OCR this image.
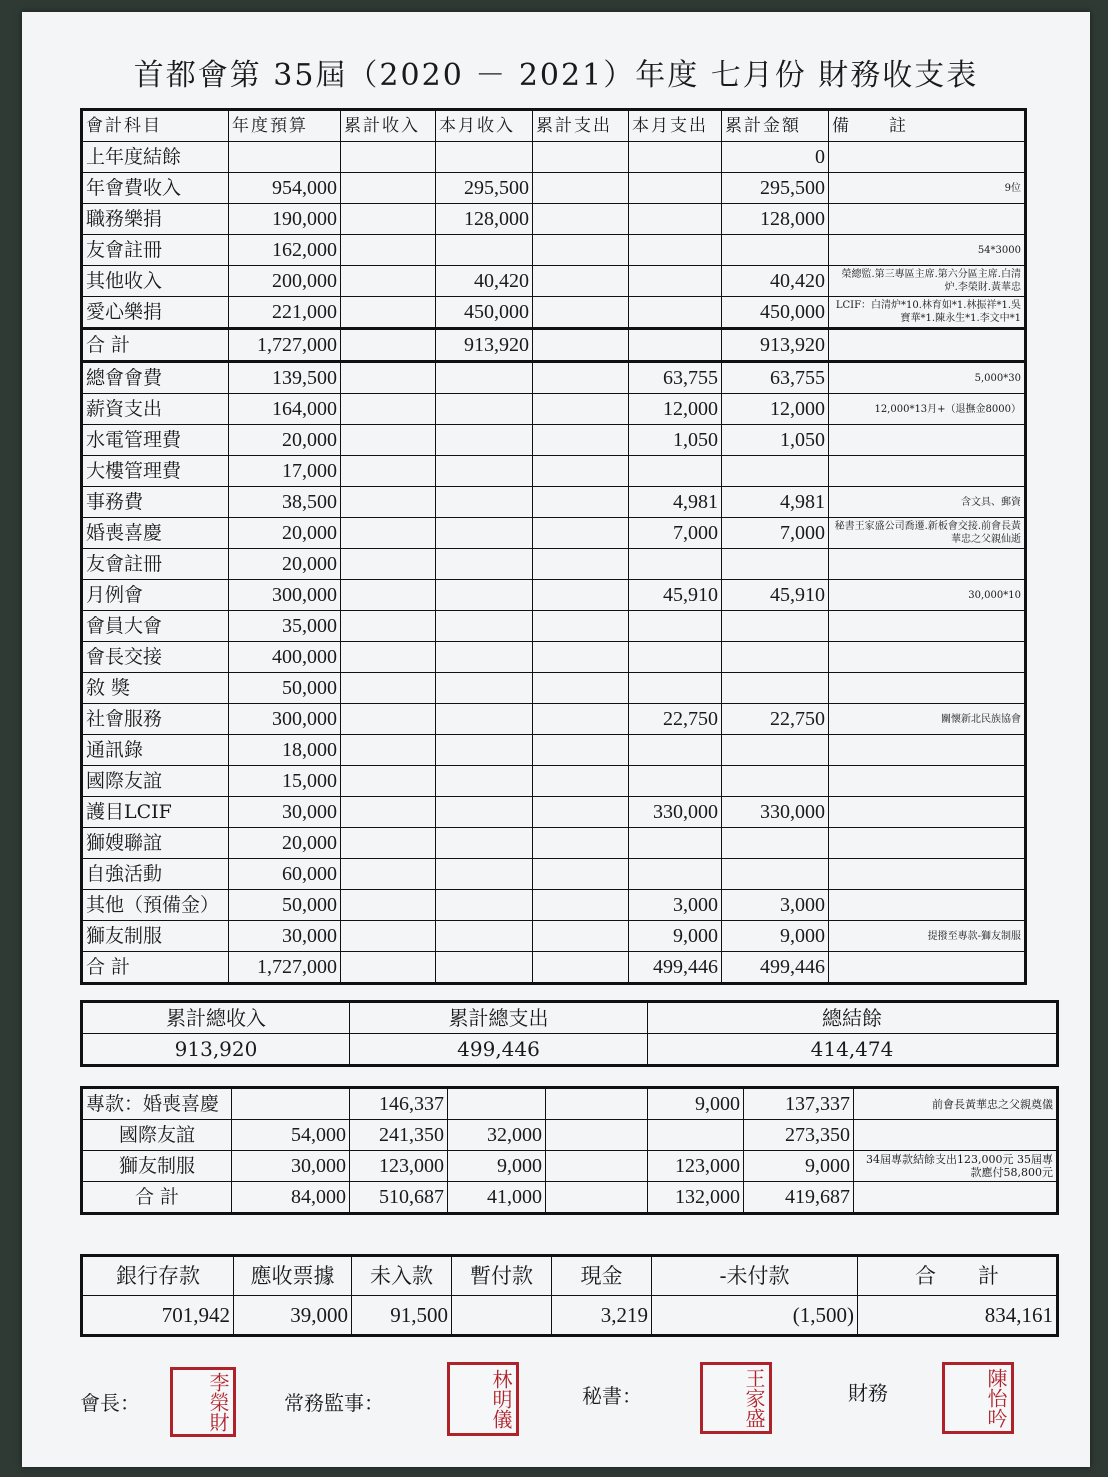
首都會第 35屆（2020 － 2021）年度 七月份 財務收支表
會計科目	年度預算	累計收入	本月收入	累計支出	本月支出	累計金額	備　　註
上年度結餘						0	
年會費收入	954,000		295,500			295,500	9位
職務樂捐	190,000		128,000			128,000	
友會註冊	162,000						54*3000
其他收入	200,000		40,420			40,420	榮總監.第三專區主席.第六分區主席.白清炉.李榮財.黃華忠
愛心樂捐	221,000		450,000			450,000	LCIF：白清炉*10.林育如*1.林振祥*1.吳寶華*1.陳永生*1.李文中*1
合 計	1,727,000		913,920			913,920	
總會會費	139,500				63,755	63,755	5,000*30
薪資支出	164,000				12,000	12,000	12,000*13月+（退撫金8000）
水電管理費	20,000				1,050	1,050	
大樓管理費	17,000						
事務費	38,500				4,981	4,981	含文具、郵資
婚喪喜慶	20,000				7,000	7,000	秘書王家盛公司喬遷.新板會交接.前會長黃華忠之父親仙逝
友會註冊	20,000						
月例會	300,000				45,910	45,910	30,000*10
會員大會	35,000						
會長交接	400,000						
敘 獎	50,000						
社會服務	300,000				22,750	22,750	關懷新北民族協會
通訊錄	18,000						
國際友誼	15,000						
護目LCIF	30,000				330,000	330,000	
獅嫂聯誼	20,000						
自強活動	60,000						
其他（預備金）	50,000				3,000	3,000	
獅友制服	30,000				9,000	9,000	提撥至專款-獅友制服
合 計	1,727,000				499,446	499,446	
累計總收入	累計總支出	總結餘
913,920	499,446	414,474
專款：婚喪喜慶		146,337			9,000	137,337	前會長黃華忠之父親奠儀
國際友誼	54,000	241,350	32,000			273,350	
獅友制服	30,000	123,000	9,000		123,000	9,000	34屆專款結餘支出123,000元 35屆專款應付58,800元
合 計	84,000	510,687	41,000		132,000	419,687	
銀行存款	應收票據	未入款	暫付款	現金	-未付款	合　　計
701,942	39,000	91,500		3,219	(1,500)	834,161
會長：	李榮財	常務監事：	林明儀	秘書：	王家盛	財務	陳怡吟
